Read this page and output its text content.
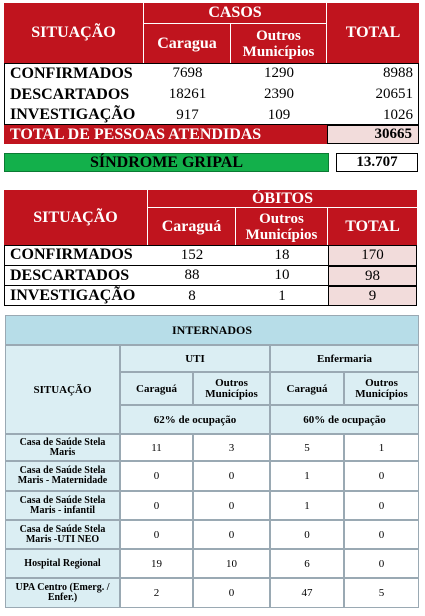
SITUAÇÃO
CASOS
Caragua	Outros Municípios
TOTAL
CONFIRMADOS	7698	1290	8988
DESCARTADOS	18261	2390	20651
INVESTIGAÇÃO	917	109	1026
TOTAL DE PESSOAS ATENDIDAS	30665
SÍNDROME GRIPAL	13.707
SITUAÇÃO
ÓBITOS
Caraguá	Outros Municípios	TOTAL
CONFIRMADOS	152	18	170
DESCARTADOS	88	10	98
INVESTIGAÇÃO	8	1	9
INTERNADOS
SITUAÇÃO
UTI	Enfermaria
Caraguá	Outros Municípios	Caraguá	Outros Municípios
62% de ocupação	60% de ocupação
Casa de Saúde Stela Maris	11	3	5	1
Casa de Saúde Stela Maris - Maternidade	0	0	1	0
Casa de Saúde Stela Maris - infantil	0	0	1	0
Casa de Saúde Stela Maris -UTI NEO	0	0	0	0
Hospital Regional	19	10	6	0
UPA Centro (Emerg. / Enfer.)	2	0	47	5
